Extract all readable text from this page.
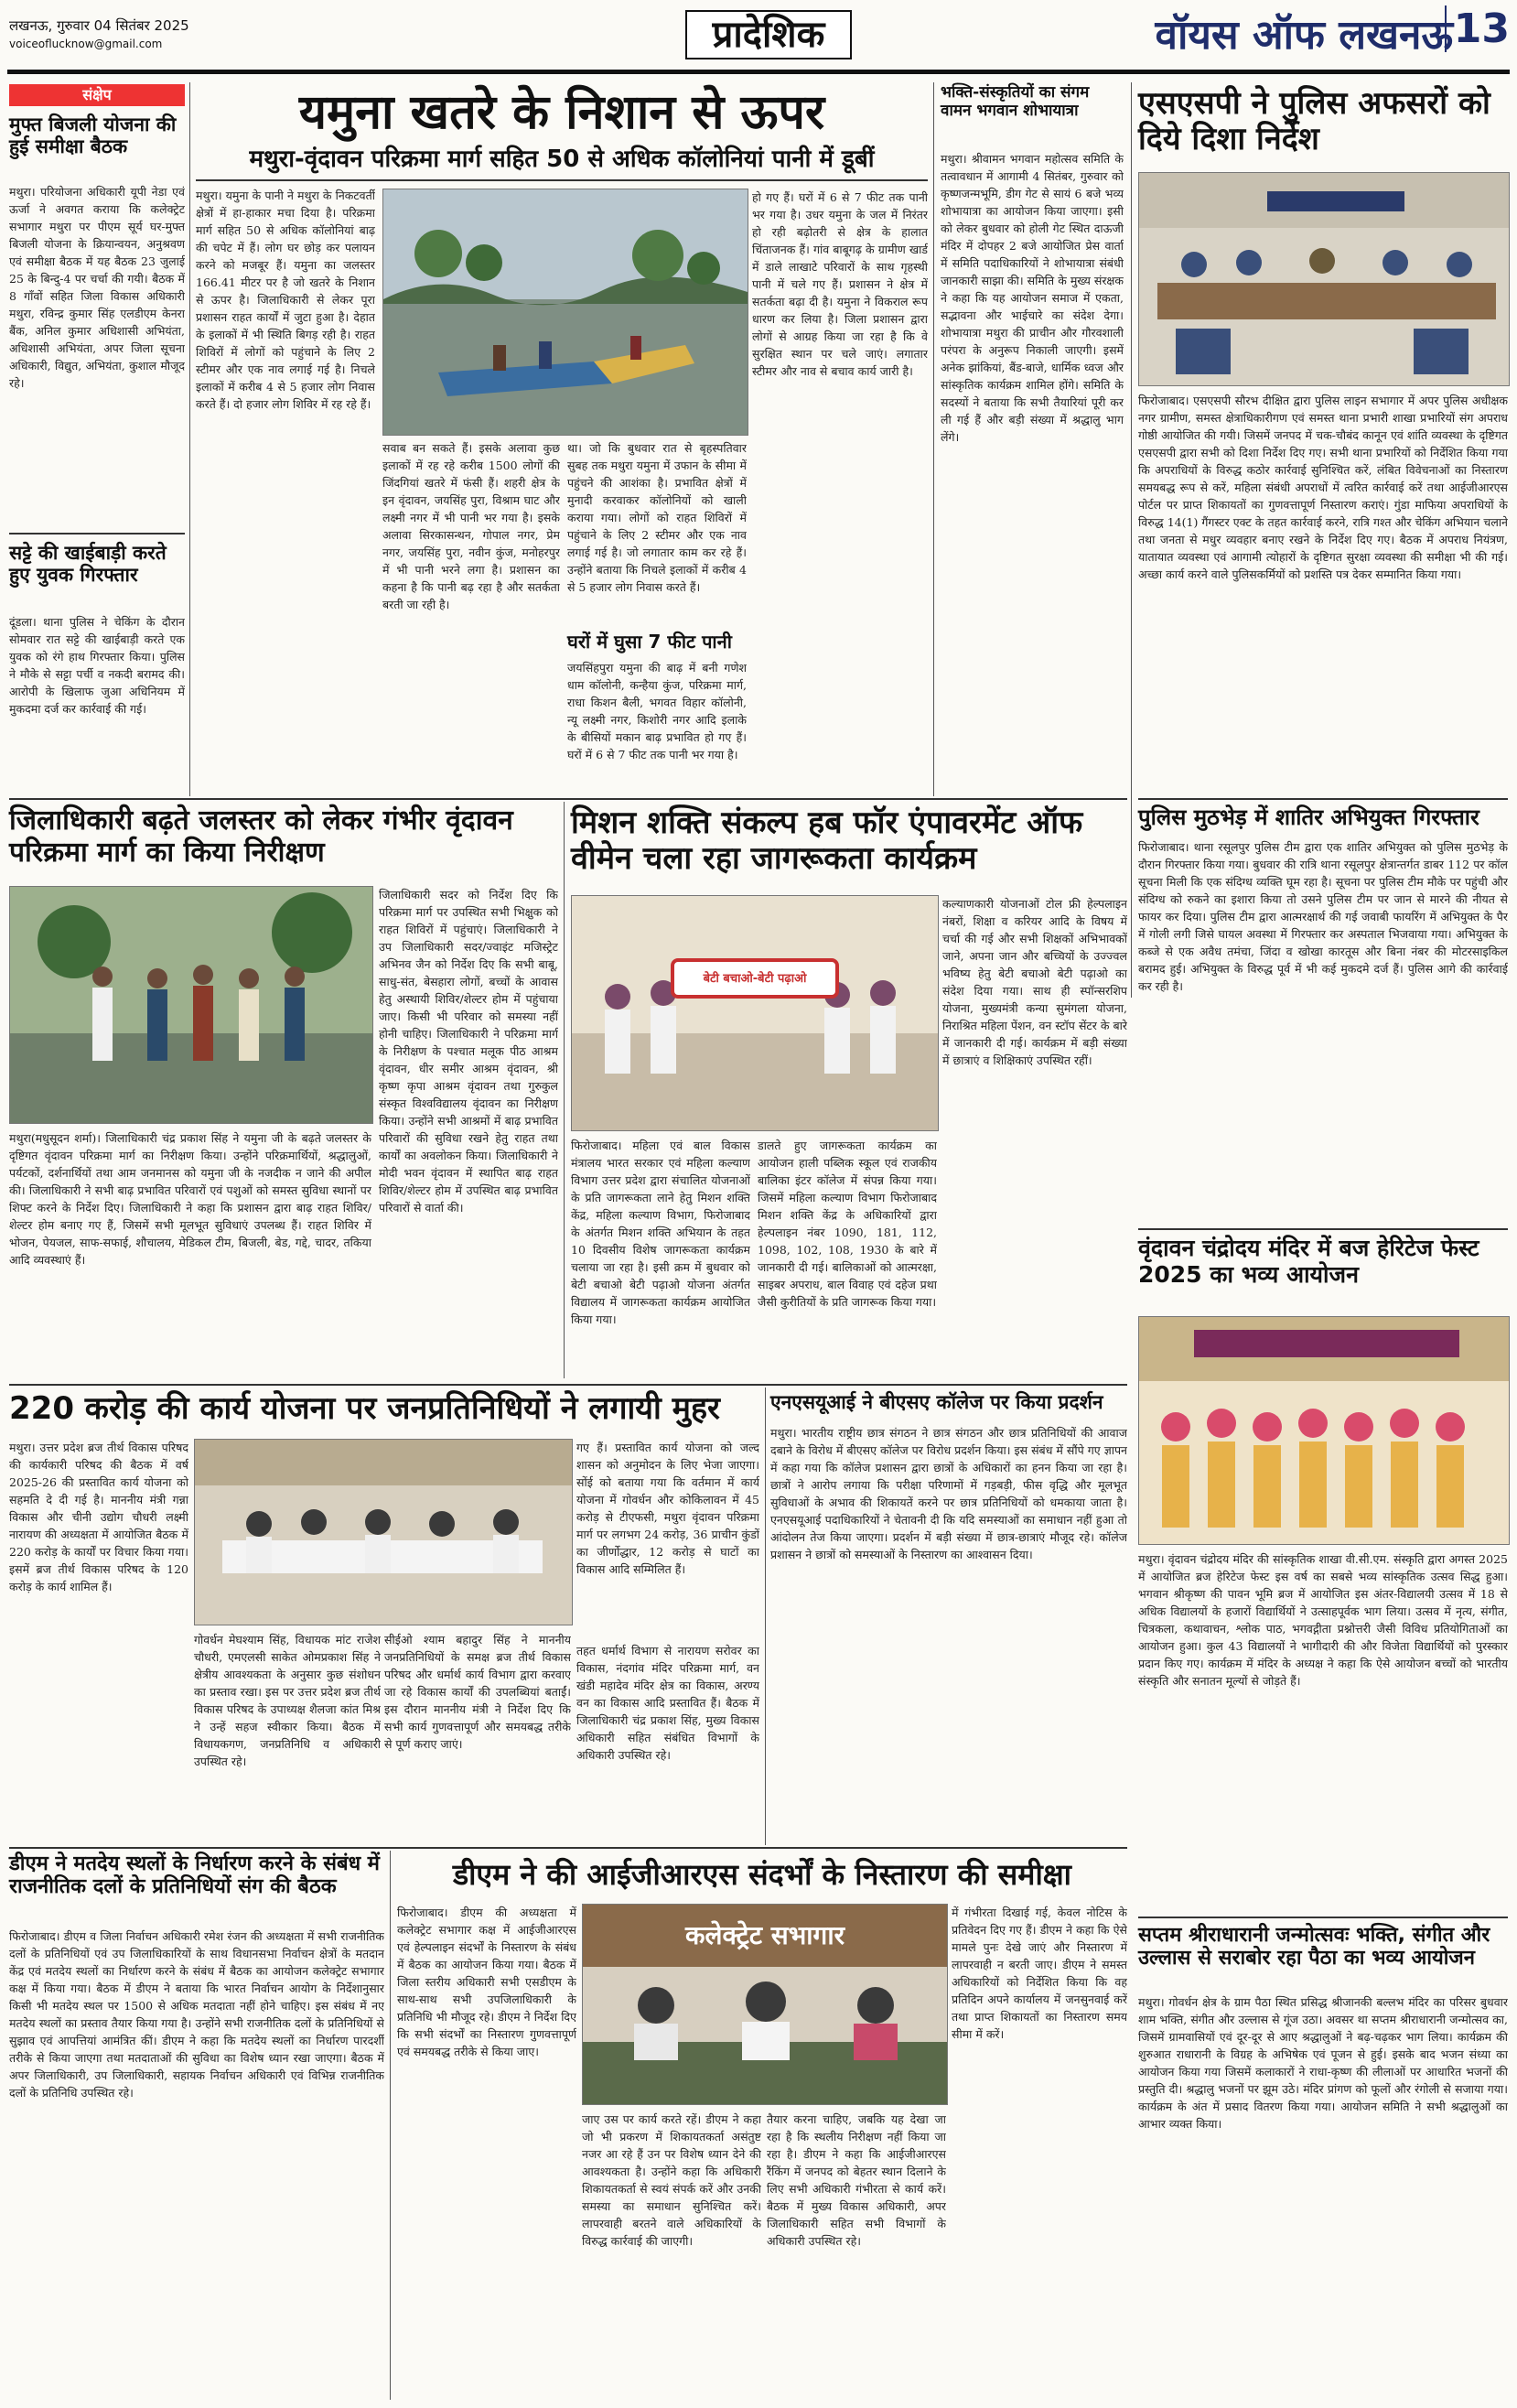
लखनऊ, गुरुवार 04 सितंबर 2025
voiceoflucknow@gmail.com	प्रादेशिक	वॉयस ऑफ लखनऊ 13
संक्षेप
मुफ्त बिजली योजना की हुई समीक्षा बैठक
मथुरा। परियोजना अधिकारी यूपी नेडा एवं ऊर्जा ने अवगत कराया कि कलेक्ट्रेट सभागार मथुरा पर पीएम सूर्य घर-मुफ्त बिजली योजना के क्रियान्वयन, अनुश्रवण एवं समीक्षा बैठक में यह बैठक 23 जुलाई 25 के बिन्दु-4 पर चर्चा की गयी। बैठक में 8 गाँवों सहित जिला विकास अधिकारी मथुरा, रविन्द्र कुमार सिंह एलडीएम केनरा बैंक, अनिल कुमार अधिशासी अभियंता, अधिशासी अभियंता, अपर जिला सूचना अधिकारी, विद्युत, अभियंता, कुशाल मौजूद रहे।
सट्टे की खाईबाड़ी करते हुए युवक गिरफ्तार
दूंडला। थाना पुलिस ने चेकिंग के दौरान सोमवार रात सट्टे की खाईबाड़ी करते एक युवक को रंगे हाथ गिरफ्तार किया। पुलिस ने मौके से सट्टा पर्ची व नकदी बरामद की। आरोपी के खिलाफ जुआ अधिनियम में मुकदमा दर्ज कर कार्रवाई की गई।
यमुना खतरे के निशान से ऊपर
मथुरा-वृंदावन परिक्रमा मार्ग सहित 50 से अधिक कॉलोनियां पानी में डूबीं
मथुरा। यमुना के पानी ने मथुरा के निकटवर्ती क्षेत्रों में हा-हाकार मचा दिया है। परिक्रमा मार्ग सहित 50 से अधिक कॉलोनियां बाढ़ की चपेट में हैं। लोग घर छोड़ कर पलायन करने को मजबूर हैं। यमुना का जलस्तर 166.41 मीटर पर है जो खतरे के निशान से ऊपर है। जिलाधिकारी से लेकर पूरा प्रशासन राहत कार्यों में जुटा हुआ है। देहात के इलाकों में भी स्थिति बिगड़ रही है। राहत शिविरों में लोगों को पहुंचाने के लिए 2 स्टीमर और एक नाव लगाई गई है। निचले इलाकों में करीब 4 से 5 हजार लोग निवास करते हैं। दो हजार लोग शिविर में रह रहे हैं।
सवाब बन सकते हैं। इसके अलावा कुछ इलाकों में रह रहे करीब 1500 लोगों की जिंदगियां खतरे में फंसी हैं। शहरी क्षेत्र के इन वृंदावन, जयसिंह पुरा, विश्राम घाट और लक्ष्मी नगर में भी पानी भर गया है। इसके अलावा सिरकासन्थन, गोपाल नगर, प्रेम नगर, जयसिंह पुरा, नवीन कुंज, मनोहरपुर में भी पानी भरने लगा है। प्रशासन का कहना है कि पानी बढ़ रहा है और सतर्कता बरती जा रही है।
था। जो कि बुधवार रात से बृहस्पतिवार सुबह तक मथुरा यमुना में उफान के सीमा में पहुंचने की आशंका है। प्रभावित क्षेत्रों में मुनादी करवाकर कॉलोनियों को खाली कराया गया। लोगों को राहत शिविरों में पहुंचाने के लिए 2 स्टीमर और एक नाव लगाई गई है। जो लगातार काम कर रहे हैं। उन्होंने बताया कि निचले इलाकों में करीब 4 से 5 हजार लोग निवास करते हैं।
घरों में घुसा 7 फीट पानी
जयसिंहपुरा यमुना की बाढ़ में बनी गणेश धाम कॉलोनी, कन्हैया कुंज, परिक्रमा मार्ग, राधा किशन बैली, भगवत विहार कॉलोनी, न्यू लक्ष्मी नगर, किशोरी नगर आदि इलाके के बीसियों मकान बाढ़ प्रभावित हो गए हैं। घरों में 6 से 7 फीट तक पानी भर गया है।
हो गए हैं। घरों में 6 से 7 फीट तक पानी भर गया है। उधर यमुना के जल में निरंतर हो रही बढ़ोतरी से क्षेत्र के हालात चिंताजनक हैं। गांव बाबूगढ़ के ग्रामीण खार्ड में डाले लाखाटे परिवारों के साथ गृहस्थी पानी में चले गए हैं। प्रशासन ने क्षेत्र में सतर्कता बढ़ा दी है। यमुना ने विकराल रूप धारण कर लिया है। जिला प्रशासन द्वारा लोगों से आग्रह किया जा रहा है कि वे सुरक्षित स्थान पर चले जाएं। लगातार स्टीमर और नाव से बचाव कार्य जारी है।
भक्ति-संस्कृतियों का संगम वामन भगवान शोभायात्रा
मथुरा। श्रीवामन भगवान महोत्सव समिति के तत्वावधान में आगामी 4 सितंबर, गुरुवार को कृष्णजन्मभूमि, डीग गेट से सायं 6 बजे भव्य शोभायात्रा का आयोजन किया जाएगा। इसी को लेकर बुधवार को होली गेट स्थित दाऊजी मंदिर में दोपहर 2 बजे आयोजित प्रेस वार्ता में समिति पदाधिकारियों ने शोभायात्रा संबंधी जानकारी साझा की। समिति के मुख्य संरक्षक ने कहा कि यह आयोजन समाज में एकता, सद्भावना और भाईचारे का संदेश देगा। शोभायात्रा मथुरा की प्राचीन और गौरवशाली परंपरा के अनुरूप निकाली जाएगी। इसमें अनेक झांकियां, बैंड-बाजे, धार्मिक ध्वज और सांस्कृतिक कार्यक्रम शामिल होंगे। समिति के सदस्यों ने बताया कि सभी तैयारियां पूरी कर ली गई हैं और बड़ी संख्या में श्रद्धालु भाग लेंगे।
एसएसपी ने पुलिस अफसरों को दिये दिशा निर्देश
फिरोजाबाद। एसएसपी सौरभ दीक्षित द्वारा पुलिस लाइन सभागार में अपर पुलिस अधीक्षक नगर ग्रामीण, समस्त क्षेत्राधिकारीगण एवं समस्त थाना प्रभारी शाखा प्रभारियों संग अपराध गोष्ठी आयोजित की गयी। जिसमें जनपद में चक-चौबंद कानून एवं शांति व्यवस्था के दृष्टिगत एसएसपी द्वारा सभी को दिशा निर्देश दिए गए। सभी थाना प्रभारियों को निर्देशित किया गया कि अपराधियों के विरुद्ध कठोर कार्रवाई सुनिश्चित करें, लंबित विवेचनाओं का निस्तारण समयबद्ध रूप से करें, महिला संबंधी अपराधों में त्वरित कार्रवाई करें तथा आईजीआरएस पोर्टल पर प्राप्त शिकायतों का गुणवत्तापूर्ण निस्तारण कराएं। गुंडा माफिया अपराधियों के विरुद्ध 14(1) गैंगस्टर एक्ट के तहत कार्रवाई करने, रात्रि गश्त और चेकिंग अभियान चलाने तथा जनता से मधुर व्यवहार बनाए रखने के निर्देश दिए गए। बैठक में अपराध नियंत्रण, यातायात व्यवस्था एवं आगामी त्योहारों के दृष्टिगत सुरक्षा व्यवस्था की समीक्षा भी की गई। अच्छा कार्य करने वाले पुलिसकर्मियों को प्रशस्ति पत्र देकर सम्मानित किया गया।
पुलिस मुठभेड़ में शातिर अभियुक्त गिरफ्तार
फिरोजाबाद। थाना रसूलपुर पुलिस टीम द्वारा एक शातिर अभियुक्त को पुलिस मुठभेड़ के दौरान गिरफ्तार किया गया। बुधवार की रात्रि थाना रसूलपुर क्षेत्रान्तर्गत डाबर 112 पर कॉल सूचना मिली कि एक संदिग्ध व्यक्ति घूम रहा है। सूचना पर पुलिस टीम मौके पर पहुंची और संदिग्ध को रुकने का इशारा किया तो उसने पुलिस टीम पर जान से मारने की नीयत से फायर कर दिया। पुलिस टीम द्वारा आत्मरक्षार्थ की गई जवाबी फायरिंग में अभियुक्त के पैर में गोली लगी जिसे घायल अवस्था में गिरफ्तार कर अस्पताल भिजवाया गया। अभियुक्त के कब्जे से एक अवैध तमंचा, जिंदा व खोखा कारतूस और बिना नंबर की मोटरसाइकिल बरामद हुई। अभियुक्त के विरुद्ध पूर्व में भी कई मुकदमे दर्ज हैं। पुलिस आगे की कार्रवाई कर रही है।
वृंदावन चंद्रोदय मंदिर में बज हेरिटेज फेस्ट 2025 का भव्य आयोजन
मथुरा। वृंदावन चंद्रोदय मंदिर की सांस्कृतिक शाखा वी.सी.एम. संस्कृति द्वारा अगस्त 2025 में आयोजित ब्रज हेरिटेज फेस्ट इस वर्ष का सबसे भव्य सांस्कृतिक उत्सव सिद्ध हुआ। भगवान श्रीकृष्ण की पावन भूमि ब्रज में आयोजित इस अंतर-विद्यालयी उत्सव में 18 से अधिक विद्यालयों के हजारों विद्यार्थियों ने उत्साहपूर्वक भाग लिया। उत्सव में नृत्य, संगीत, चित्रकला, कथावाचन, श्लोक पाठ, भगवद्गीता प्रश्नोत्तरी जैसी विविध प्रतियोगिताओं का आयोजन हुआ। कुल 43 विद्यालयों ने भागीदारी की और विजेता विद्यार्थियों को पुरस्कार प्रदान किए गए। कार्यक्रम में मंदिर के अध्यक्ष ने कहा कि ऐसे आयोजन बच्चों को भारतीय संस्कृति और सनातन मूल्यों से जोड़ते हैं।
सप्तम श्रीराधारानी जन्मोत्सवः भक्ति, संगीत और उल्लास से सराबोर रहा पैठा का भव्य आयोजन
मथुरा। गोवर्धन क्षेत्र के ग्राम पैठा स्थित प्रसिद्ध श्रीजानकी बल्लभ मंदिर का परिसर बुधवार शाम भक्ति, संगीत और उल्लास से गूंज उठा। अवसर था सप्तम श्रीराधारानी जन्मोत्सव का, जिसमें ग्रामवासियों एवं दूर-दूर से आए श्रद्धालुओं ने बढ़-चढ़कर भाग लिया। कार्यक्रम की शुरुआत राधारानी के विग्रह के अभिषेक एवं पूजन से हुई। इसके बाद भजन संध्या का आयोजन किया गया जिसमें कलाकारों ने राधा-कृष्ण की लीलाओं पर आधारित भजनों की प्रस्तुति दी। श्रद्धालु भजनों पर झूम उठे। मंदिर प्रांगण को फूलों और रंगोली से सजाया गया। कार्यक्रम के अंत में प्रसाद वितरण किया गया। आयोजन समिति ने सभी श्रद्धालुओं का आभार व्यक्त किया।
जिलाधिकारी बढ़ते जलस्तर को लेकर गंभीर वृंदावन परिक्रमा मार्ग का किया निरीक्षण
मथुरा(मधुसूदन शर्मा)। जिलाधिकारी चंद्र प्रकाश सिंह ने यमुना जी के बढ़ते जलस्तर के दृष्टिगत वृंदावन परिक्रमा मार्ग का निरीक्षण किया। उन्होंने परिक्रमार्थियों, श्रद्धालुओं, पर्यटकों, दर्शनार्थियों तथा आम जनमानस को यमुना जी के नजदीक न जाने की अपील की। जिलाधिकारी ने सभी बाढ़ प्रभावित परिवारों एवं पशुओं को समस्त सुविधा स्थानों पर शिफ्ट करने के निर्देश दिए। जिलाधिकारी ने कहा कि प्रशासन द्वारा बाढ़ राहत शिविर/शेल्टर होम बनाए गए हैं, जिसमें सभी मूलभूत सुविधाएं उपलब्ध हैं। राहत शिविर में भोजन, पेयजल, साफ-सफाई, शौचालय, मेडिकल टीम, बिजली, बेड, गद्दे, चादर, तकिया आदि व्यवस्थाएं हैं।
जिलाधिकारी सदर को निर्देश दिए कि परिक्रमा मार्ग पर उपस्थित सभी भिक्षुक को राहत शिविरों में पहुंचाएं। जिलाधिकारी ने उप जिलाधिकारी सदर/ज्वाइंट मजिस्ट्रेट अभिनव जैन को निर्देश दिए कि सभी बाबू, साधु-संत, बेसहारा लोगों, बच्चों के आवास हेतु अस्थायी शिविर/शेल्टर होम में पहुंचाया जाए। किसी भी परिवार को समस्या नहीं होनी चाहिए। जिलाधिकारी ने परिक्रमा मार्ग के निरीक्षण के पश्चात मलूक पीठ आश्रम वृंदावन, धीर समीर आश्रम वृंदावन, श्री कृष्ण कृपा आश्रम वृंदावन तथा गुरुकुल संस्कृत विश्वविद्यालय वृंदावन का निरीक्षण किया। उन्होंने सभी आश्रमों में बाढ़ प्रभावित परिवारों की सुविधा रखने हेतु राहत तथा कार्यों का अवलोकन किया। जिलाधिकारी ने मोदी भवन वृंदावन में स्थापित बाढ़ राहत शिविर/शेल्टर होम में उपस्थित बाढ़ प्रभावित परिवारों से वार्ता की।
मिशन शक्ति संकल्प हब फॉर एंपावरमेंट ऑफ वीमेन चला रहा जागरूकता कार्यक्रम
बेटी बचाओ-बेटी पढ़ाओ
कल्याणकारी योजनाओं टोल फ्री हेल्पलाइन नंबरों, शिक्षा व करियर आदि के विषय में चर्चा की गई और सभी शिक्षकों अभिभावकों जाने, अपना जान और बच्चियों के उज्ज्वल भविष्य हेतु बेटी बचाओ बेटी पढ़ाओ का संदेश दिया गया। साथ ही स्पॉन्सरशिप योजना, मुख्यमंत्री कन्या सुमंगला योजना, निराश्रित महिला पेंशन, वन स्टॉप सेंटर के बारे में जानकारी दी गई। कार्यक्रम में बड़ी संख्या में छात्राएं व शिक्षिकाएं उपस्थित रहीं।
फिरोजाबाद। महिला एवं बाल विकास मंत्रालय भारत सरकार एवं महिला कल्याण विभाग उत्तर प्रदेश द्वारा संचालित योजनाओं के प्रति जागरूकता लाने हेतु मिशन शक्ति केंद्र, महिला कल्याण विभाग, फिरोजाबाद के अंतर्गत मिशन शक्ति अभियान के तहत 10 दिवसीय विशेष जागरूकता कार्यक्रम चलाया जा रहा है। इसी क्रम में बुधवार को बेटी बचाओ बेटी पढ़ाओ योजना अंतर्गत विद्यालय में जागरूकता कार्यक्रम आयोजित किया गया।
डालते हुए जागरूकता कार्यक्रम का आयोजन हाली पब्लिक स्कूल एवं राजकीय बालिका इंटर कॉलेज में संपन्न किया गया। जिसमें महिला कल्याण विभाग फिरोजाबाद मिशन शक्ति केंद्र के अधिकारियों द्वारा हेल्पलाइन नंबर 1090, 181, 112, 1098, 102, 108, 1930 के बारे में जानकारी दी गई। बालिकाओं को आत्मरक्षा, साइबर अपराध, बाल विवाह एवं दहेज प्रथा जैसी कुरीतियों के प्रति जागरूक किया गया।
220 करोड़ की कार्य योजना पर जनप्रतिनिधियों ने लगायी मुहर
मथुरा। उत्तर प्रदेश ब्रज तीर्थ विकास परिषद की कार्यकारी परिषद की बैठक में वर्ष 2025-26 की प्रस्तावित कार्य योजना को सहमति दे दी गई है। माननीय मंत्री गन्ना विकास और चीनी उद्योग चौधरी लक्ष्मी नारायण की अध्यक्षता में आयोजित बैठक में 220 करोड़ के कार्यों पर विचार किया गया। इसमें ब्रज तीर्थ विकास परिषद के 120 करोड़ के कार्य शामिल हैं।
गोवर्धन मेघश्याम सिंह, विधायक मांट राजेश चौधरी, एमएलसी साकेत ओमप्रकाश सिंह ने क्षेत्रीय आवश्यकता के अनुसार कुछ संशोधन का प्रस्ताव रखा। इस पर उत्तर प्रदेश ब्रज तीर्थ विकास परिषद के उपाध्यक्ष शैलजा कांत मिश्र ने उन्हें सहज स्वीकार किया। बैठक में विधायकगण, जनप्रतिनिधि व अधिकारी उपस्थित रहे।
सीईओ श्याम बहादुर सिंह ने माननीय जनप्रतिनिधियों के समक्ष ब्रज तीर्थ विकास परिषद और धर्मार्थ कार्य विभाग द्वारा करवाए जा रहे विकास कार्यों की उपलब्धियां बताईं। इस दौरान माननीय मंत्री ने निर्देश दिए कि सभी कार्य गुणवत्तापूर्ण और समयबद्ध तरीके से पूर्ण कराए जाएं।
गए हैं। प्रस्तावित कार्य योजना को जल्द शासन को अनुमोदन के लिए भेजा जाएगा। सोंई को बताया गया कि वर्तमान में कार्य योजना में गोवर्धन और कोकिलावन में 45 करोड़ से टीएफसी, मथुरा वृंदावन परिक्रमा मार्ग पर लगभग 24 करोड़, 36 प्राचीन कुंडों का जीर्णोद्धार, 12 करोड़ से घाटों का विकास आदि सम्मिलित हैं।
तहत धर्मार्थ विभाग से नारायण सरोवर का विकास, नंदगांव मंदिर परिक्रमा मार्ग, वन खंडी महादेव मंदिर क्षेत्र का विकास, अरण्य वन का विकास आदि प्रस्तावित हैं। बैठक में जिलाधिकारी चंद्र प्रकाश सिंह, मुख्य विकास अधिकारी सहित संबंधित विभागों के अधिकारी उपस्थित रहे।
एनएसयूआई ने बीएसए कॉलेज पर किया प्रदर्शन
मथुरा। भारतीय राष्ट्रीय छात्र संगठन ने छात्र संगठन और छात्र प्रतिनिधियों की आवाज दबाने के विरोध में बीएसए कॉलेज पर विरोध प्रदर्शन किया। इस संबंध में सौंपे गए ज्ञापन में कहा गया कि कॉलेज प्रशासन द्वारा छात्रों के अधिकारों का हनन किया जा रहा है। छात्रों ने आरोप लगाया कि परीक्षा परिणामों में गड़बड़ी, फीस वृद्धि और मूलभूत सुविधाओं के अभाव की शिकायतें करने पर छात्र प्रतिनिधियों को धमकाया जाता है। एनएसयूआई पदाधिकारियों ने चेतावनी दी कि यदि समस्याओं का समाधान नहीं हुआ तो आंदोलन तेज किया जाएगा। प्रदर्शन में बड़ी संख्या में छात्र-छात्राएं मौजूद रहे। कॉलेज प्रशासन ने छात्रों को समस्याओं के निस्तारण का आश्वासन दिया।
डीएम ने मतदेय स्थलों के निर्धारण करने के संबंध में राजनीतिक दलों के प्रतिनिधियों संग की बैठक
फिरोजाबाद। डीएम व जिला निर्वाचन अधिकारी रमेश रंजन की अध्यक्षता में सभी राजनीतिक दलों के प्रतिनिधियों एवं उप जिलाधिकारियों के साथ विधानसभा निर्वाचन क्षेत्रों के मतदान केंद्र एवं मतदेय स्थलों का निर्धारण करने के संबंध में बैठक का आयोजन कलेक्ट्रेट सभागार कक्ष में किया गया। बैठक में डीएम ने बताया कि भारत निर्वाचन आयोग के निर्देशानुसार किसी भी मतदेय स्थल पर 1500 से अधिक मतदाता नहीं होने चाहिए। इस संबंध में नए मतदेय स्थलों का प्रस्ताव तैयार किया गया है। उन्होंने सभी राजनीतिक दलों के प्रतिनिधियों से सुझाव एवं आपत्तियां आमंत्रित कीं। डीएम ने कहा कि मतदेय स्थलों का निर्धारण पारदर्शी तरीके से किया जाएगा तथा मतदाताओं की सुविधा का विशेष ध्यान रखा जाएगा। बैठक में अपर जिलाधिकारी, उप जिलाधिकारी, सहायक निर्वाचन अधिकारी एवं विभिन्न राजनीतिक दलों के प्रतिनिधि उपस्थित रहे।
डीएम ने की आईजीआरएस संदर्भों के निस्तारण की समीक्षा
फिरोजाबाद। डीएम की अध्यक्षता में कलेक्ट्रेट सभागार कक्ष में आईजीआरएस एवं हेल्पलाइन संदर्भों के निस्तारण के संबंध में बैठक का आयोजन किया गया। बैठक में जिला स्तरीय अधिकारी सभी एसडीएम के साथ-साथ सभी उपजिलाधिकारी के प्रतिनिधि भी मौजूद रहे। डीएम ने निर्देश दिए कि सभी संदर्भों का निस्तारण गुणवत्तापूर्ण एवं समयबद्ध तरीके से किया जाए।
कलेक्ट्रेट सभागार
जाए उस पर कार्य करते रहें। डीएम ने कहा जो भी प्रकरण में शिकायतकर्ता असंतुष्ट नजर आ रहे हैं उन पर विशेष ध्यान देने की आवश्यकता है। उन्होंने कहा कि अधिकारी शिकायतकर्ता से स्वयं संपर्क करें और उनकी समस्या का समाधान सुनिश्चित करें। लापरवाही बरतने वाले अधिकारियों के विरुद्ध कार्रवाई की जाएगी।
तैयार करना चाहिए, जबकि यह देखा जा रहा है कि स्थलीय निरीक्षण नहीं किया जा रहा है। डीएम ने कहा कि आईजीआरएस रैंकिंग में जनपद को बेहतर स्थान दिलाने के लिए सभी अधिकारी गंभीरता से कार्य करें। बैठक में मुख्य विकास अधिकारी, अपर जिलाधिकारी सहित सभी विभागों के अधिकारी उपस्थित रहे।
में गंभीरता दिखाई गई, केवल नोटिस के प्रतिवेदन दिए गए हैं। डीएम ने कहा कि ऐसे मामले पुनः देखे जाएं और निस्तारण में लापरवाही न बरती जाए। डीएम ने समस्त अधिकारियों को निर्देशित किया कि वह प्रतिदिन अपने कार्यालय में जनसुनवाई करें तथा प्राप्त शिकायतों का निस्तारण समय सीमा में करें।
